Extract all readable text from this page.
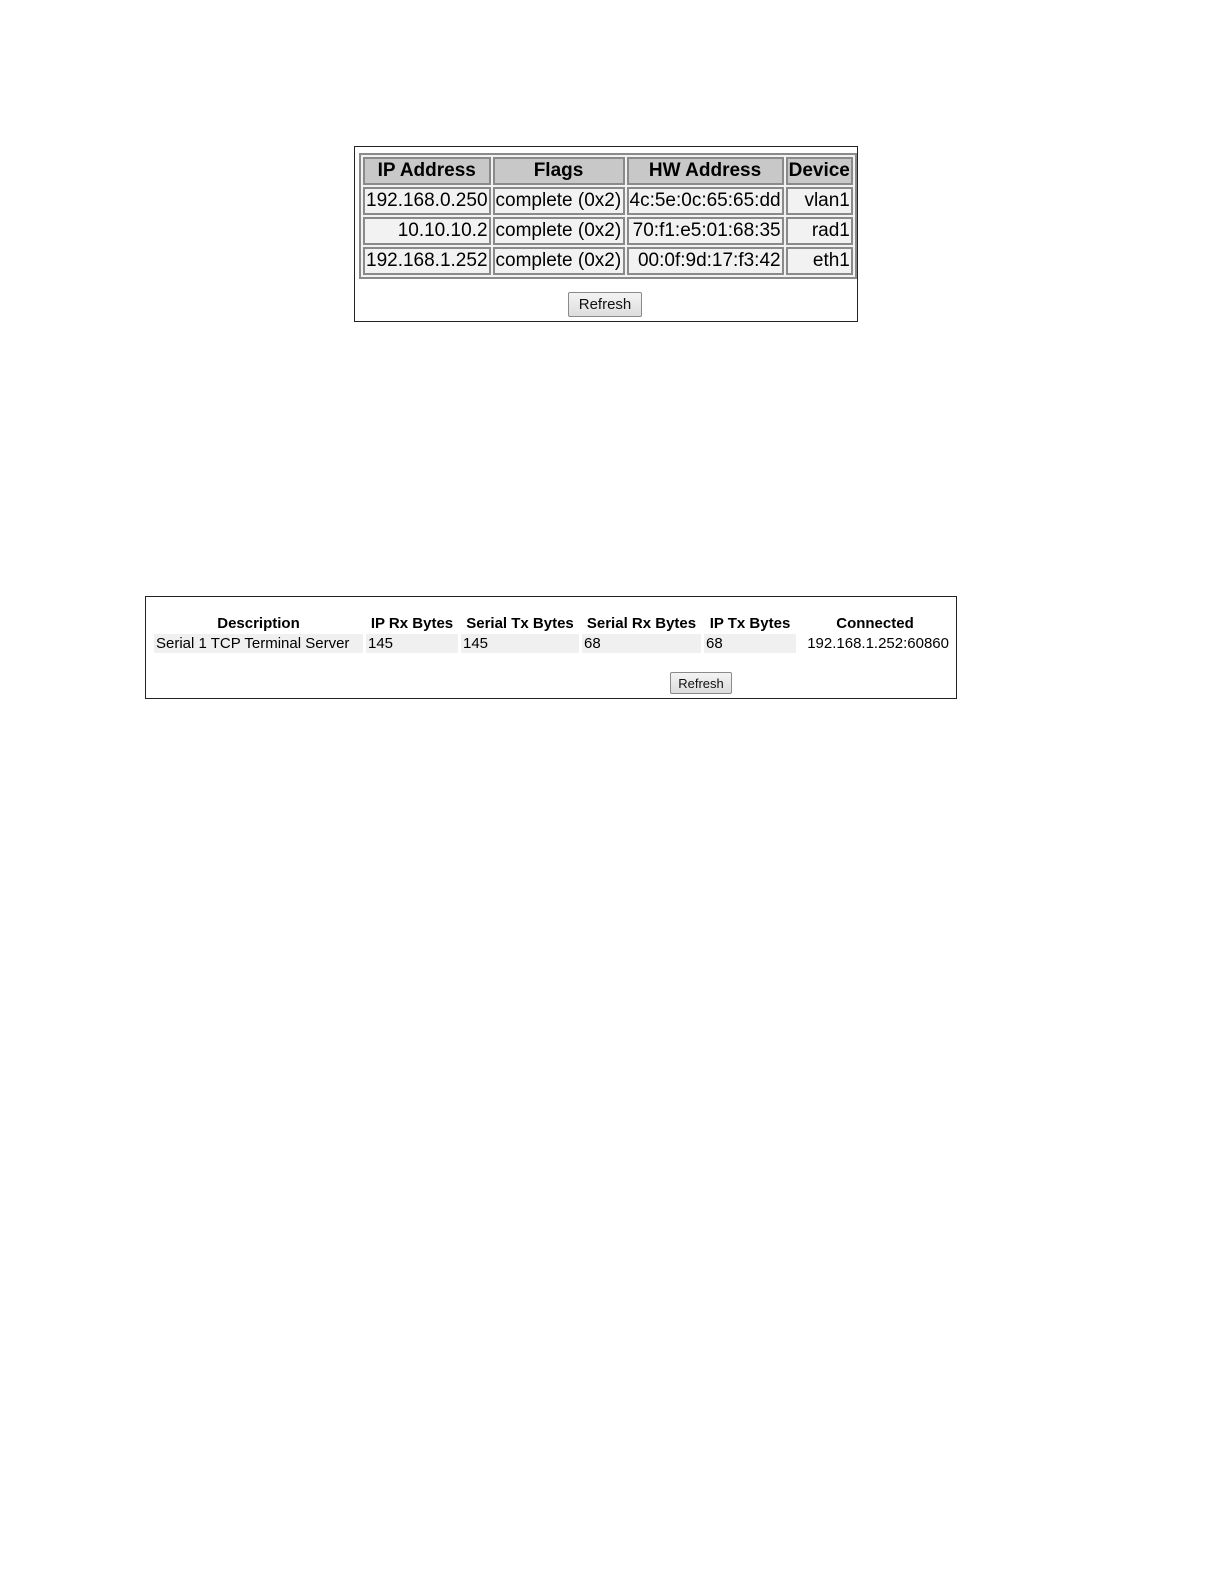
IP Address	Flags	HW Address	Device
192.168.0.250	complete (0x2)	4c:5e:0c:65:65:dd	vlan1
10.10.10.2	complete (0x2)	70:f1:e5:01:68:35	rad1
192.168.1.252	complete (0x2)	00:0f:9d:17:f3:42	eth1
Refresh
Description	IP Rx Bytes	Serial Tx Bytes	Serial Rx Bytes	IP Tx Bytes	Connected
Serial 1 TCP Terminal Server	145	145	68	68	192.168.1.252:60860
Refresh
